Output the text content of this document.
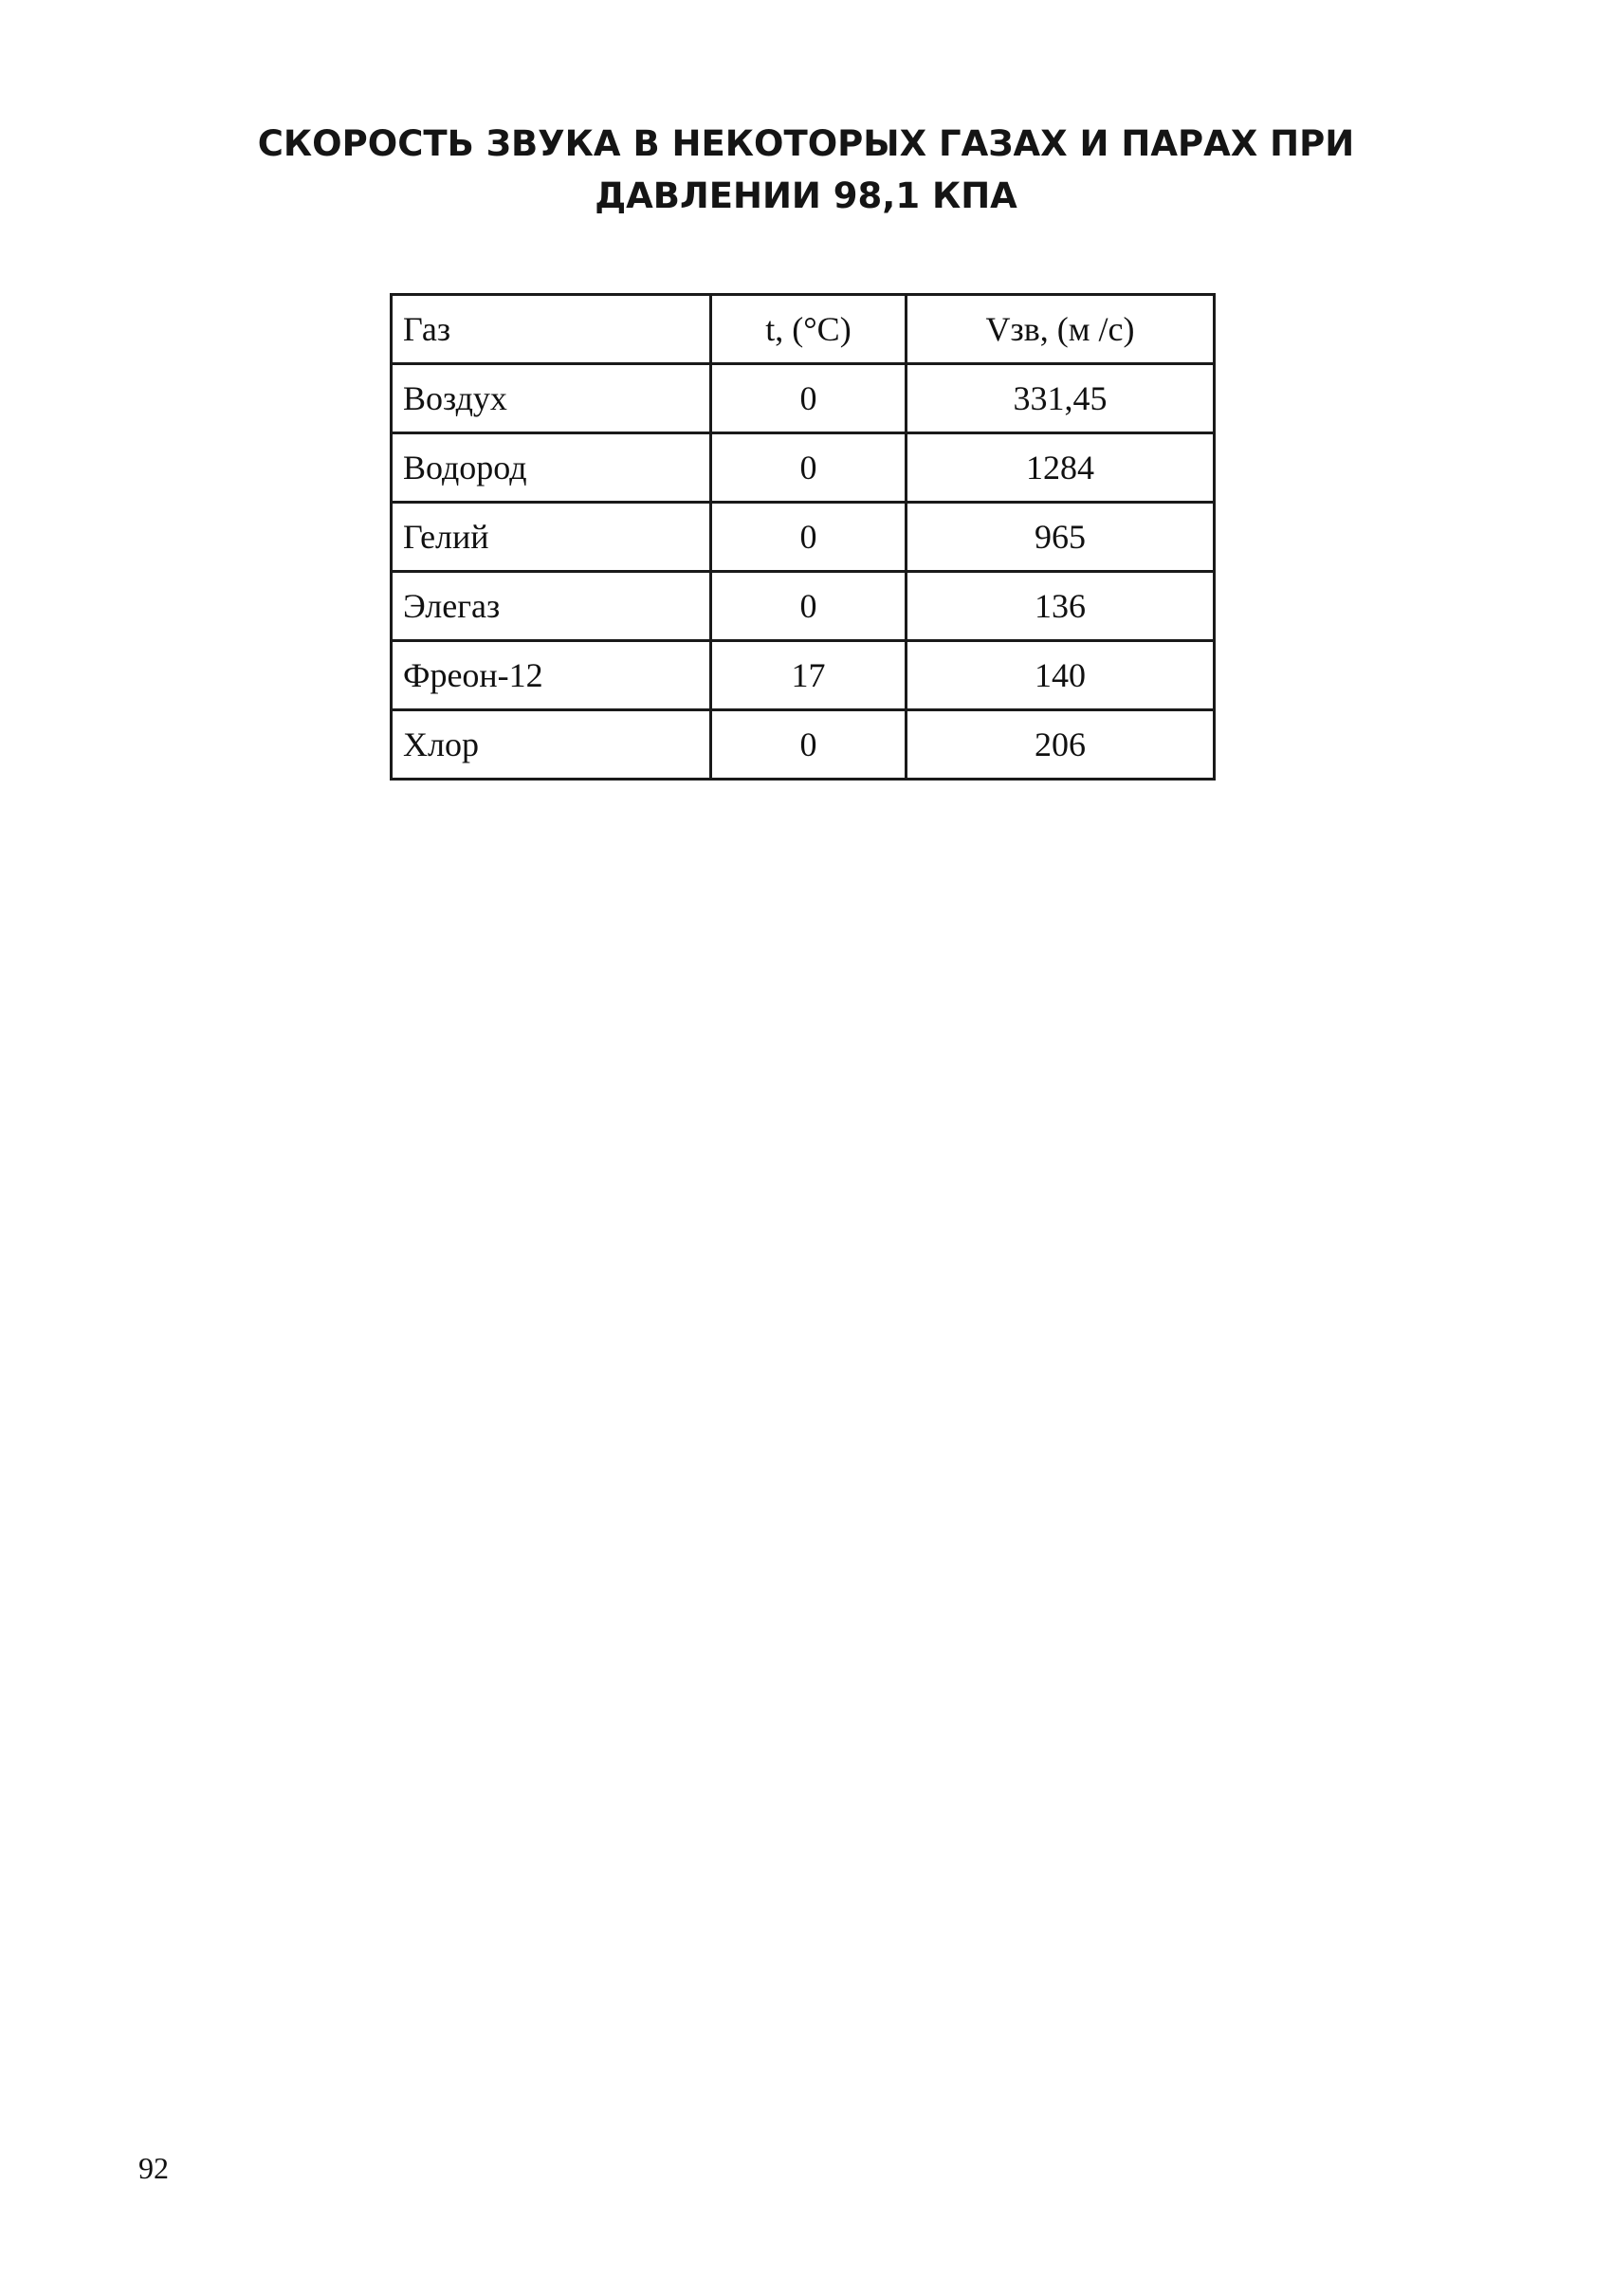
СКОРОСТЬ ЗВУКА В НЕКОТОРЫХ ГАЗАХ И ПАРАХ ПРИ
ДАВЛЕНИИ 98,1 КПА
Газ	t, (°C)	Vзв, (м /с)
Воздух	0	331,45
Водород	0	1284
Гелий	0	965
Элегаз	0	136
Фреон-12	17	140
Хлор	0	206
92
